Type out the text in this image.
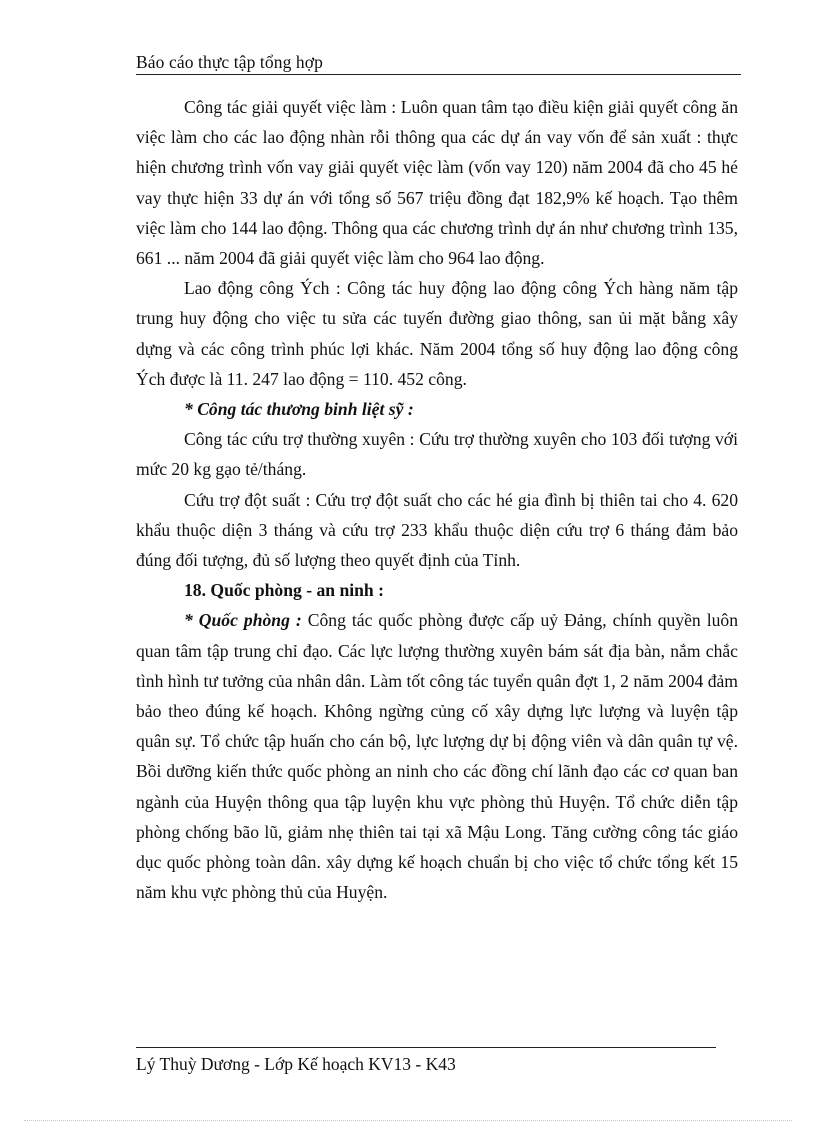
Báo cáo thực tập tổng hợp

Công tác giải quyết việc làm : Luôn quan tâm tạo điều kiện giải quyết công ăn việc làm cho các lao động nhàn rỗi thông qua các dự án vay vốn để sản xuất : thực hiện chương trình vốn vay giải quyết việc làm (vốn vay 120) năm 2004 đã cho 45 hé vay thực hiện 33 dự án với tổng số 567 triệu đồng đạt 182,9% kế hoạch. Tạo thêm việc làm cho 144 lao động. Thông qua các chương trình dự án như chương trình 135, 661 ... năm 2004 đã giải quyết việc làm cho 964 lao động.

Lao động công Ých : Công tác huy động lao động công Ých hàng năm tập trung huy động cho việc tu sửa các tuyến đường giao thông, san ủi mặt bằng xây dựng và các công trình phúc lợi khác. Năm 2004 tổng số huy động lao động công Ých được là 11. 247 lao động = 110. 452 công.

* Công tác thương binh liệt sỹ :

Công tác cứu trợ thường xuyên : Cứu trợ thường xuyên cho 103 đối tượng với mức 20 kg gạo tẻ/tháng.

Cứu trợ đột suất : Cứu trợ đột suất cho các hé gia đình bị thiên tai cho 4. 620 khẩu thuộc diện 3 tháng và cứu trợ 233 khẩu thuộc diện cứu trợ 6 tháng đảm bảo đúng đối tượng, đủ số lượng theo quyết định của Tỉnh.

18. Quốc phòng - an ninh :

* Quốc phòng : Công tác quốc phòng được cấp uỷ Đảng, chính quyền luôn quan tâm tập trung chỉ đạo. Các lực lượng thường xuyên bám sát địa bàn, nắm chắc tình hình tư tưởng của nhân dân. Làm tốt công tác tuyển quân đợt 1, 2 năm 2004 đảm bảo theo đúng kế hoạch. Không ngừng củng cố xây dựng lực lượng và luyện tập quân sự. Tổ chức tập huấn cho cán bộ, lực lượng dự bị động viên và dân quân tự vệ. Bồi dưỡng kiến thức quốc phòng an ninh cho các đồng chí lãnh đạo các cơ quan ban ngành của Huyện thông qua tập luyện khu vực phòng thủ Huyện. Tổ chức diễn tập phòng chống bão lũ, giảm nhẹ thiên tai tại xã Mậu Long. Tăng cường công tác giáo dục quốc phòng toàn dân. xây dựng kế hoạch chuẩn bị cho việc tổ chức tổng kết 15 năm khu vực phòng thủ của Huyện.

Lý Thuỳ Dương - Lớp Kế hoạch KV13 - K43
